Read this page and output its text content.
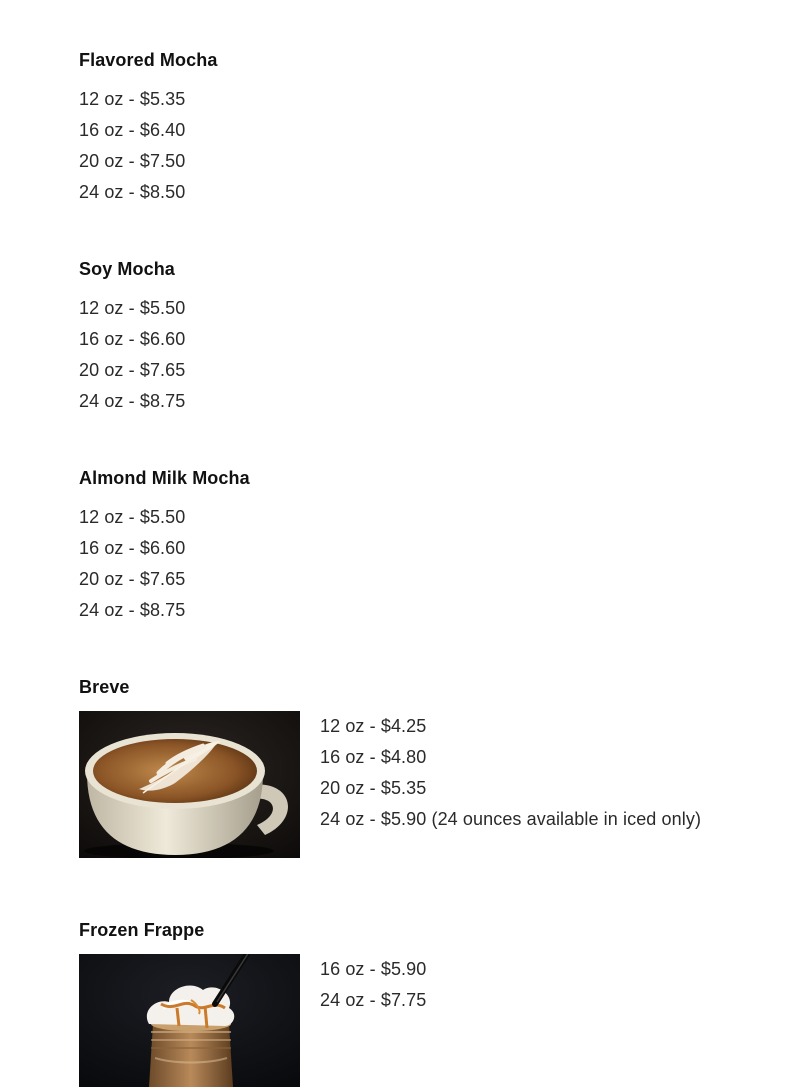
Flavored Mocha
12 oz - $5.35
16 oz - $6.40
20 oz - $7.50
24 oz - $8.50
Soy Mocha
12 oz - $5.50
16 oz - $6.60
20 oz - $7.65
24 oz - $8.75
Almond Milk Mocha
12 oz - $5.50
16 oz - $6.60
20 oz - $7.65
24 oz - $8.75
Breve
12 oz - $4.25
16 oz - $4.80
20 oz - $5.35
24 oz - $5.90 (24 ounces available in iced only)
Frozen Frappe
16 oz - $5.90
24 oz - $7.75
